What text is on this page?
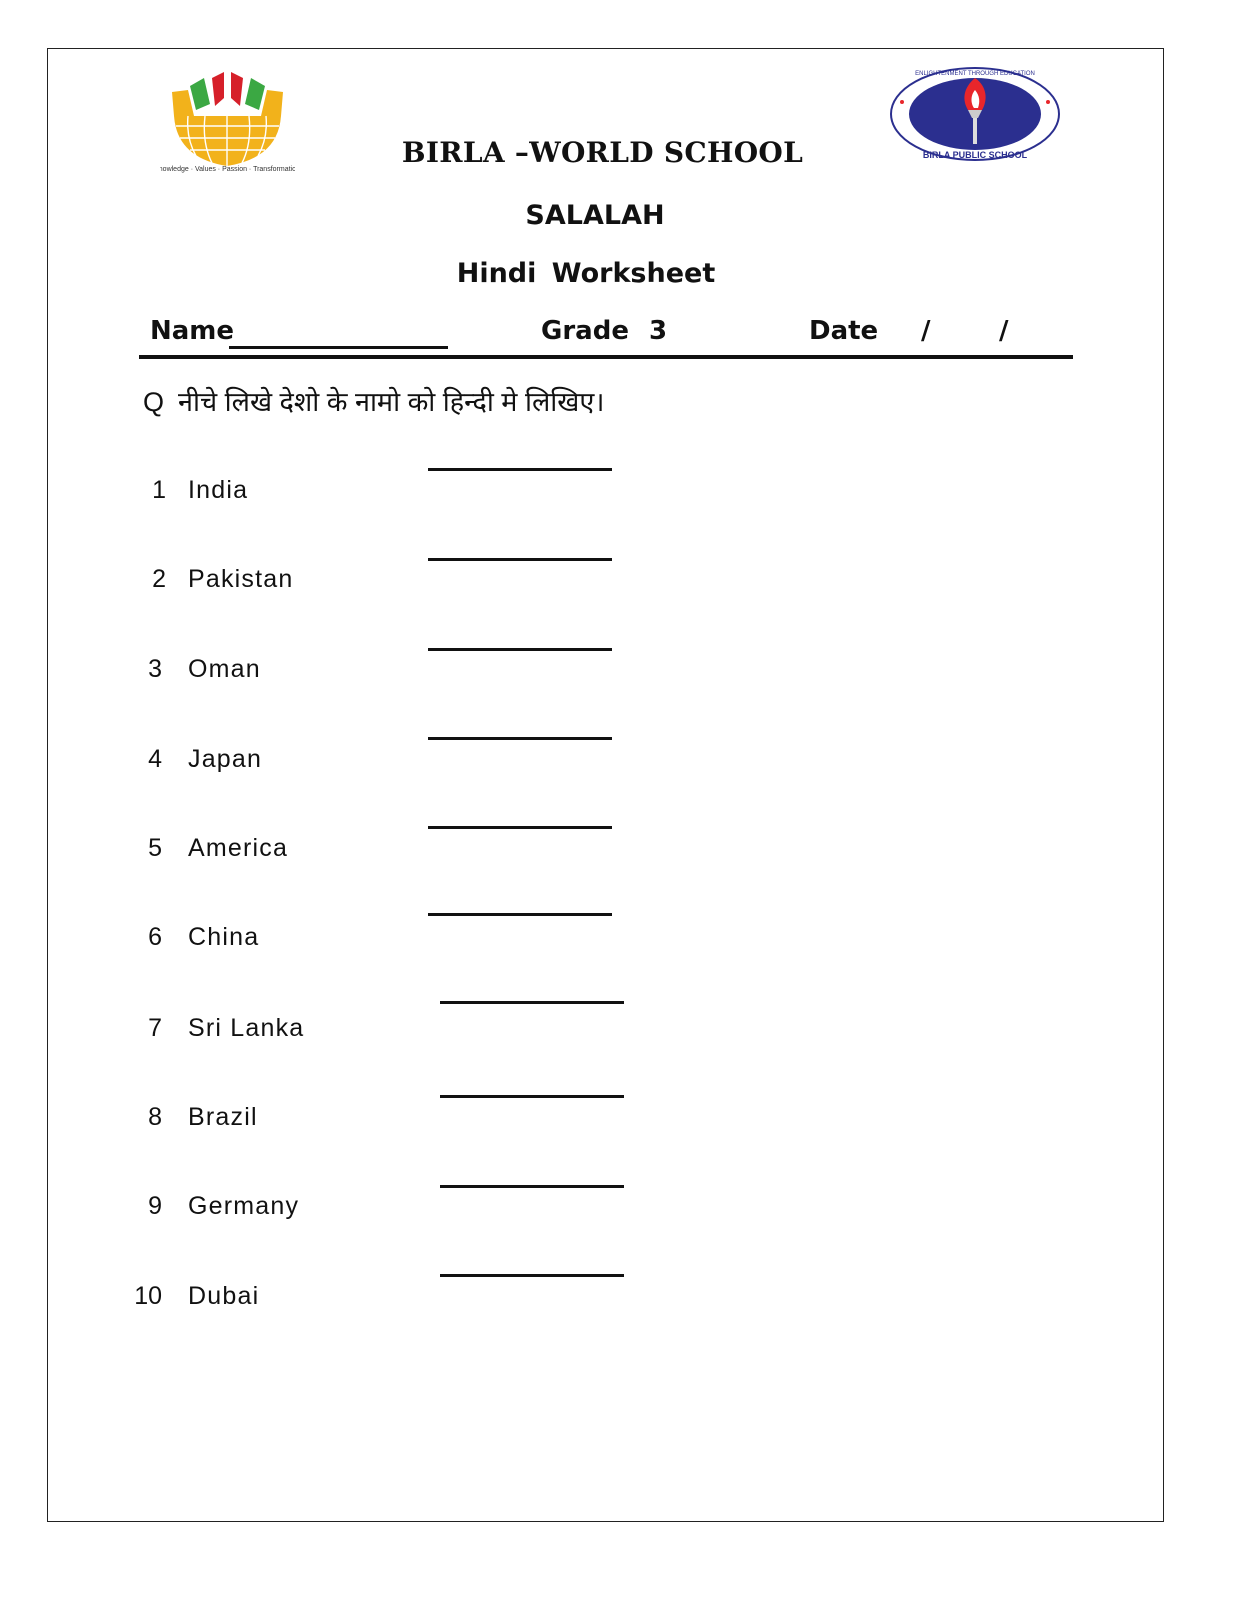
Knowledge · Values · Passion · Transformation
BIRLA PUBLIC SCHOOL
ENLIGHTENMENT THROUGH EDUCATION
BIRLA –WORLD SCHOOL
SALALAH
Hindi Worksheet
Name	Grade 3	Date /	/
Q नीचे लिखे देशो के नामो को हिन्दी मे लिखिए।
1 India
2 Pakistan
3 Oman
4 Japan
5 America
6 China
7 Sri Lanka
8 Brazil
9 Germany
10 Dubai
